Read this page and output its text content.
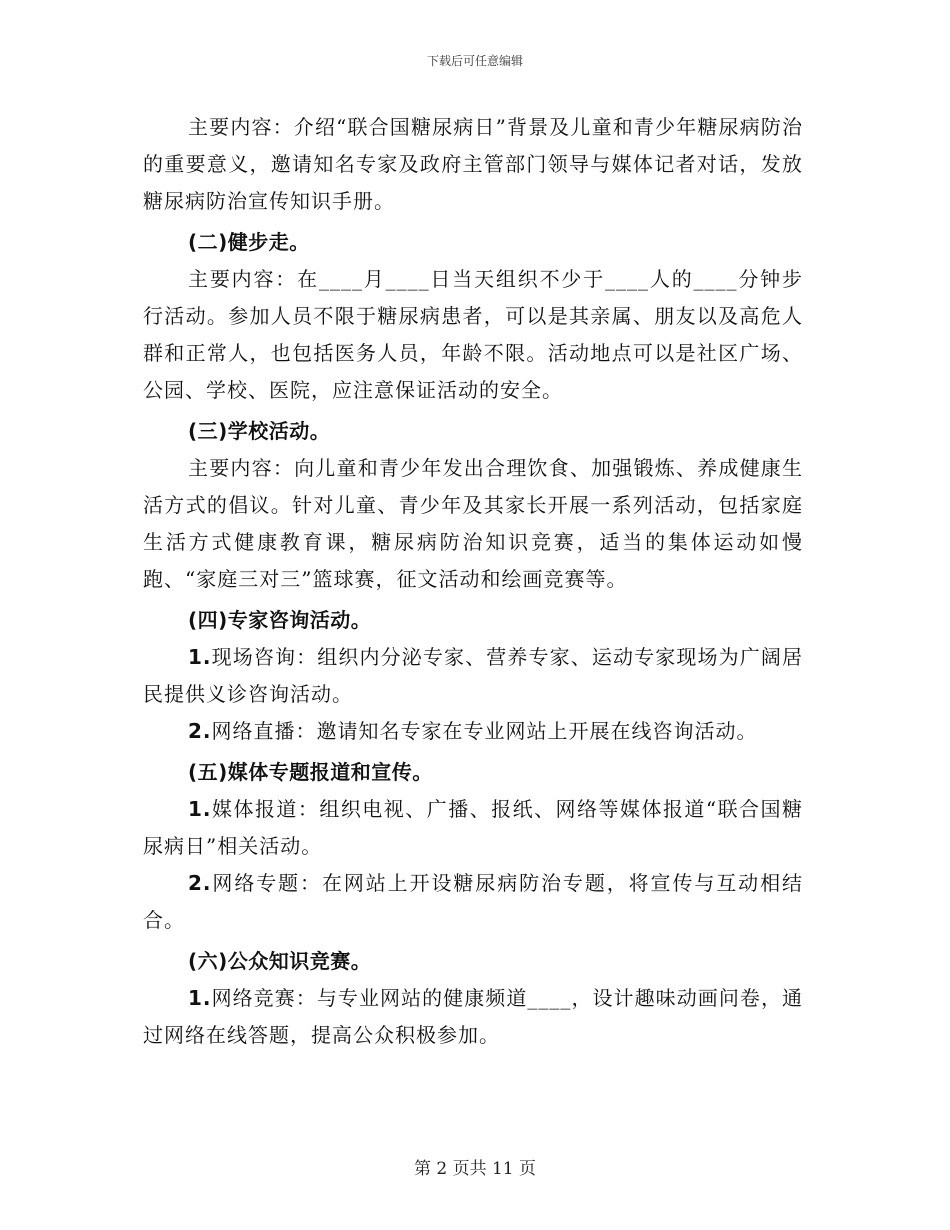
下载后可任意编辑

主要内容：介绍“联合国糖尿病日”背景及儿童和青少年糖尿病防治的重要意义，邀请知名专家及政府主管部门领导与媒体记者对话，发放糖尿病防治宣传知识手册。

(二)健步走。

主要内容：在____月____日当天组织不少于____人的____分钟步行活动。参加人员不限于糖尿病患者，可以是其亲属、朋友以及高危人群和正常人，也包括医务人员，年龄不限。活动地点可以是社区广场、公园、学校、医院，应注意保证活动的安全。

(三)学校活动。

主要内容：向儿童和青少年发出合理饮食、加强锻炼、养成健康生活方式的倡议。针对儿童、青少年及其家长开展一系列活动，包括家庭生活方式健康教育课，糖尿病防治知识竞赛，适当的集体运动如慢跑、“家庭三对三”篮球赛，征文活动和绘画竞赛等。

(四)专家咨询活动。

1.现场咨询：组织内分泌专家、营养专家、运动专家现场为广阔居民提供义诊咨询活动。

2.网络直播：邀请知名专家在专业网站上开展在线咨询活动。

(五)媒体专题报道和宣传。

1.媒体报道：组织电视、广播、报纸、网络等媒体报道“联合国糖尿病日”相关活动。

2.网络专题：在网站上开设糖尿病防治专题，将宣传与互动相结合。

(六)公众知识竞赛。

1.网络竞赛：与专业网站的健康频道____，设计趣味动画问卷，通过网络在线答题，提高公众积极参加。

第 2 页共 11 页
